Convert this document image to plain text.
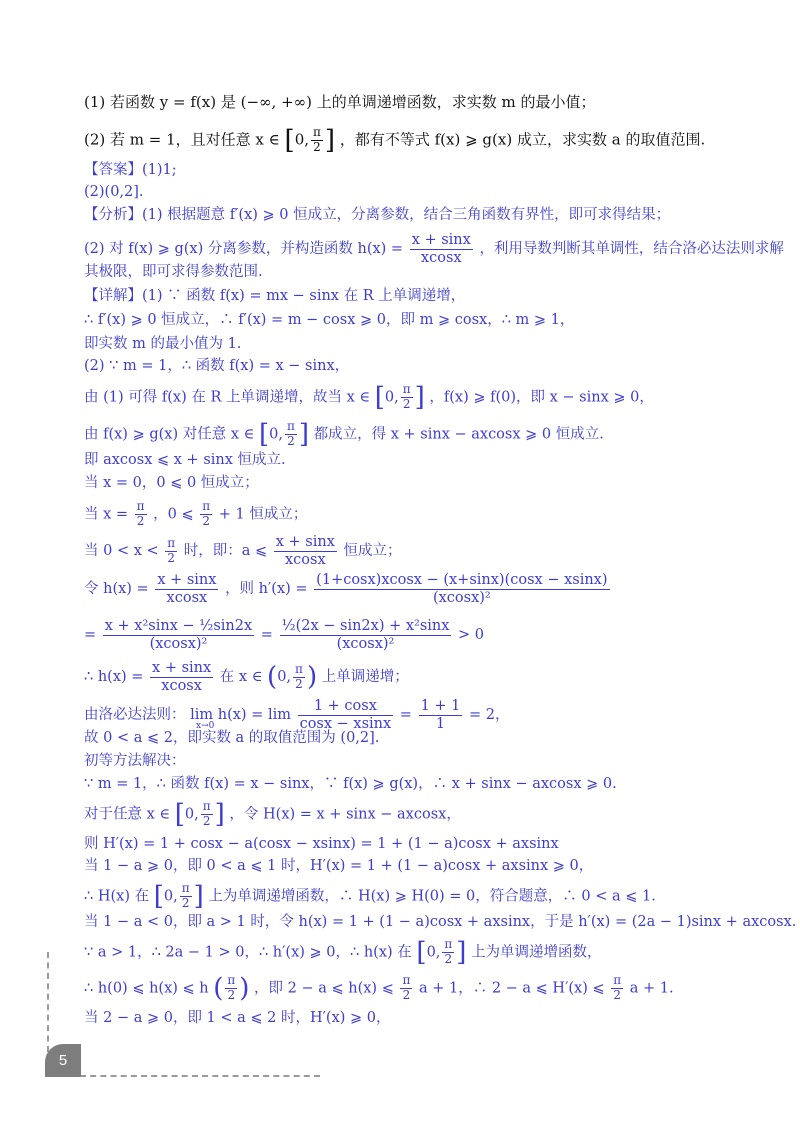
(1) 若函数 y = f(x) 是 (−∞, +∞) 上的单调递增函数，求实数 m 的最小值；
(2) 若 m = 1，且对任意 x ∈ [0, $\frac{\pi}{2}$ ] ，都有不等式 f(x) ⩾ g(x) 成立，求实数 a 的取值范围.
【答案】(1)1;
(2)(0,2].
【分析】(1) 根据题意 f′(x) ⩾ 0 恒成立，分离参数，结合三角函数有界性，即可求得结果；
(2) 对 f(x) ⩾ g(x) 分离参数，并构造函数 $h(x) = \frac{x + \sin x}{xcosx}$ ，利用导数判断其单调性，结合洛必达法则求解
其极限，即可求得参数范围.
【详解】(1) ∵ 函数 f(x) = mx − sinx 在 R 上单调递增，
∴ f′(x) ⩾ 0 恒成立，∴ f′(x) = m − cosx ⩾ 0，即 m ⩾ cosx，∴ m ⩾ 1，
即实数 m 的最小值为 1.
(2) ∵ m = 1，∴ 函数 f(x) = x − sinx，
由 (1) 可得 f(x) 在 R 上单调递增，故当 x ∈ [0, $\frac{\pi}{2}$ ] ，f(x) ⩾ f(0)，即 x − sinx ⩾ 0，
由 f(x) ⩾ g(x) 对任意 x ∈ [0, $\frac{\pi}{2}$ ] 都成立，得 x + sinx − axcosx ⩾ 0 恒成立.
即 axcosx ⩽ x + sinx 恒成立.
当 x = 0，0 ⩽ 0 恒成立；
当 $x = \frac{\pi}{2}$ ，0 ⩽ $\frac{\pi}{2} + 1$ 恒成立；
当 $0 < x < \frac{\pi}{2}$ 时，即：a ⩽ $\frac{x + \sin x}{xcosx}$ 恒成立；
令 $h(x) = \frac{x + \sin x}{xcosx}$ ，则 $h'(x) = \frac{(1+\cos x)xcosx - (x+\sin x)(\cos x - xsinx)}{\text{(xcosx)²}}$
= $\frac{\text{x + x²sinx − ½sin2x}}{\text{(xcosx)²}} = \frac{\text{½(2x − sin2x) + x²sinx}}{\text{(xcosx)²}} > 0$
∴ $h(x) = \frac{x + \sin x}{xcosx}$ 在 x ∈ (0, $\frac{\pi}{2}$ ) 上单调递增；
由洛必达法则： $\lim h(x) = \lim \frac{1 + \cos x}{\cos x - xsinx} = \frac{1 + 1}{1} = 2$，
x→0
故 0 < a ⩽ 2，即实数 a 的取值范围为 (0,2].
初等方法解决：
∵ m = 1，∴ 函数 f(x) = x − sinx，∵ f(x) ⩾ g(x)，∴ x + sinx − axcosx ⩾ 0.
对于任意 x ∈ [0, $\frac{\pi}{2}$ ] ，令 H(x) = x + sinx − axcosx，
则 H′(x) = 1 + cosx − a(cosx − xsinx) = 1 + (1 − a)cosx + axsinx
当 1 − a ⩾ 0，即 0 < a ⩽ 1 时，H′(x) = 1 + (1 − a)cosx + axsinx ⩾ 0，
∴ H(x) 在 [0, $\frac{\pi}{2}$ ] 上为单调递增函数，∴ H(x) ⩾ H(0) = 0，符合题意，∴ 0 < a ⩽ 1.
当 1 − a < 0，即 a > 1 时，令 h(x) = 1 + (1 − a)cosx + axsinx，于是 h′(x) = (2a − 1)sinx + axcosx.
∵ a > 1，∴ 2a − 1 > 0，∴ h′(x) ⩾ 0，∴ h(x) 在 [0, $\frac{\pi}{2}$ ] 上为单调递增函数，
∴ h(0) ⩽ h(x) ⩽ h ( $\frac{\pi}{2}$ ) ，即 2 − a ⩽ h(x) ⩽ $\frac{\pi}{2}$ a + 1，∴ 2 − a ⩽ H′(x) ⩽ $\frac{\pi}{2}$ a + 1.
当 2 − a ⩾ 0，即 1 < a ⩽ 2 时，H′(x) ⩾ 0，
5
